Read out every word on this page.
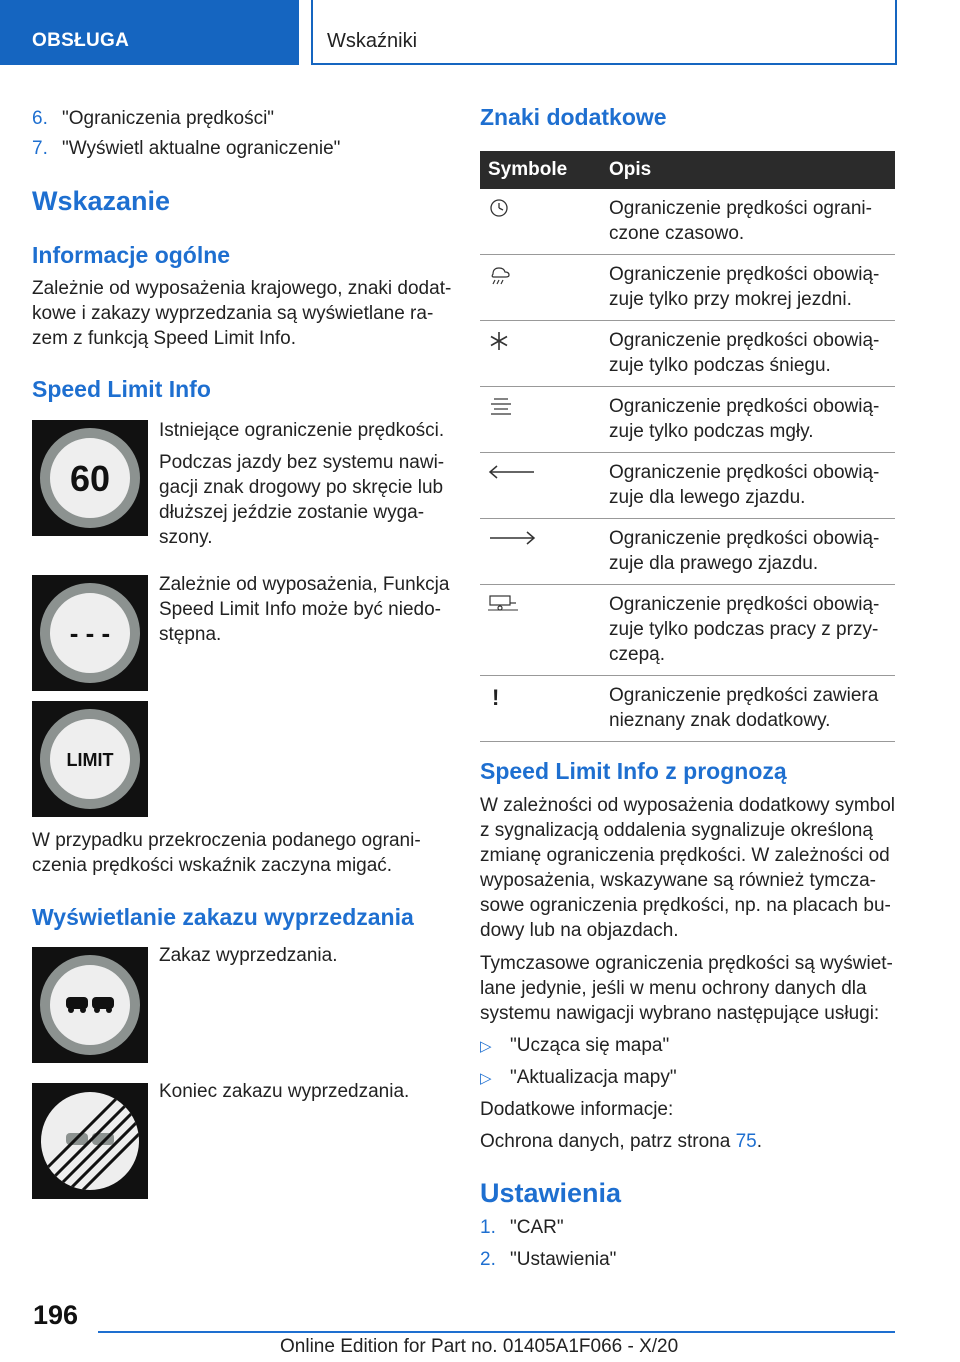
OBSŁUGA	Wskaźniki
6. "Ograniczenia prędkości"
7. "Wyświetl aktualne ograniczenie"
Wskazanie
Informacje ogólne
Zależnie od wyposażenia krajowego, znaki dodat-
kowe i zakazy wyprzedzania są wyświetlane ra-
zem z funkcją Speed Limit Info.
Speed Limit Info
60
Istniejące ograniczenie prędkości.
Podczas jazdy bez systemu nawi-
gacji znak drogowy po skręcie lub
dłuższej jeździe zostanie wyga-
szony.
- - -
Zależnie od wyposażenia, Funkcja
Speed Limit Info może być niedo-
stępna.
LIMIT
W przypadku przekroczenia podanego ograni-
czenia prędkości wskaźnik zaczyna migać.
Wyświetlanie zakazu wyprzedzania
Zakaz wyprzedzania.
Koniec zakazu wyprzedzania.
Znaki dodatkowe
Symbole	Opis

Ograniczenie prędkości ograni-
czone czasowo.

Ograniczenie prędkości obowią-
zuje tylko przy mokrej jezdni.

Ograniczenie prędkości obowią-
zuje tylko podczas śniegu.

Ograniczenie prędkości obowią-
zuje tylko podczas mgły.

Ograniczenie prędkości obowią-
zuje dla lewego zjazdu.

Ograniczenie prędkości obowią-
zuje dla prawego zjazdu.

Ograniczenie prędkości obowią-
zuje tylko podczas pracy z przy-
czepą.

!	Ograniczenie prędkości zawiera
nieznany znak dodatkowy.
Speed Limit Info z prognozą
W zależności od wyposażenia dodatkowy symbol
z sygnalizacją oddalenia sygnalizuje określoną
zmianę ograniczenia prędkości. W zależności od
wyposażenia, wskazywane są również tymcza-
sowe ograniczenia prędkości, np. na placach bu-
dowy lub na objazdach.
Tymczasowe ograniczenia prędkości są wyświet-
lane jedynie, jeśli w menu ochrony danych dla
systemu nawigacji wybrano następujące usługi:
▷ "Ucząca się mapa"
▷ "Aktualizacja mapy"
Dodatkowe informacje:
Ochrona danych, patrz strona 75.
Ustawienia
1. "CAR"
2. "Ustawienia"
196
Online Edition for Part no. 01405A1F066 - X/20
